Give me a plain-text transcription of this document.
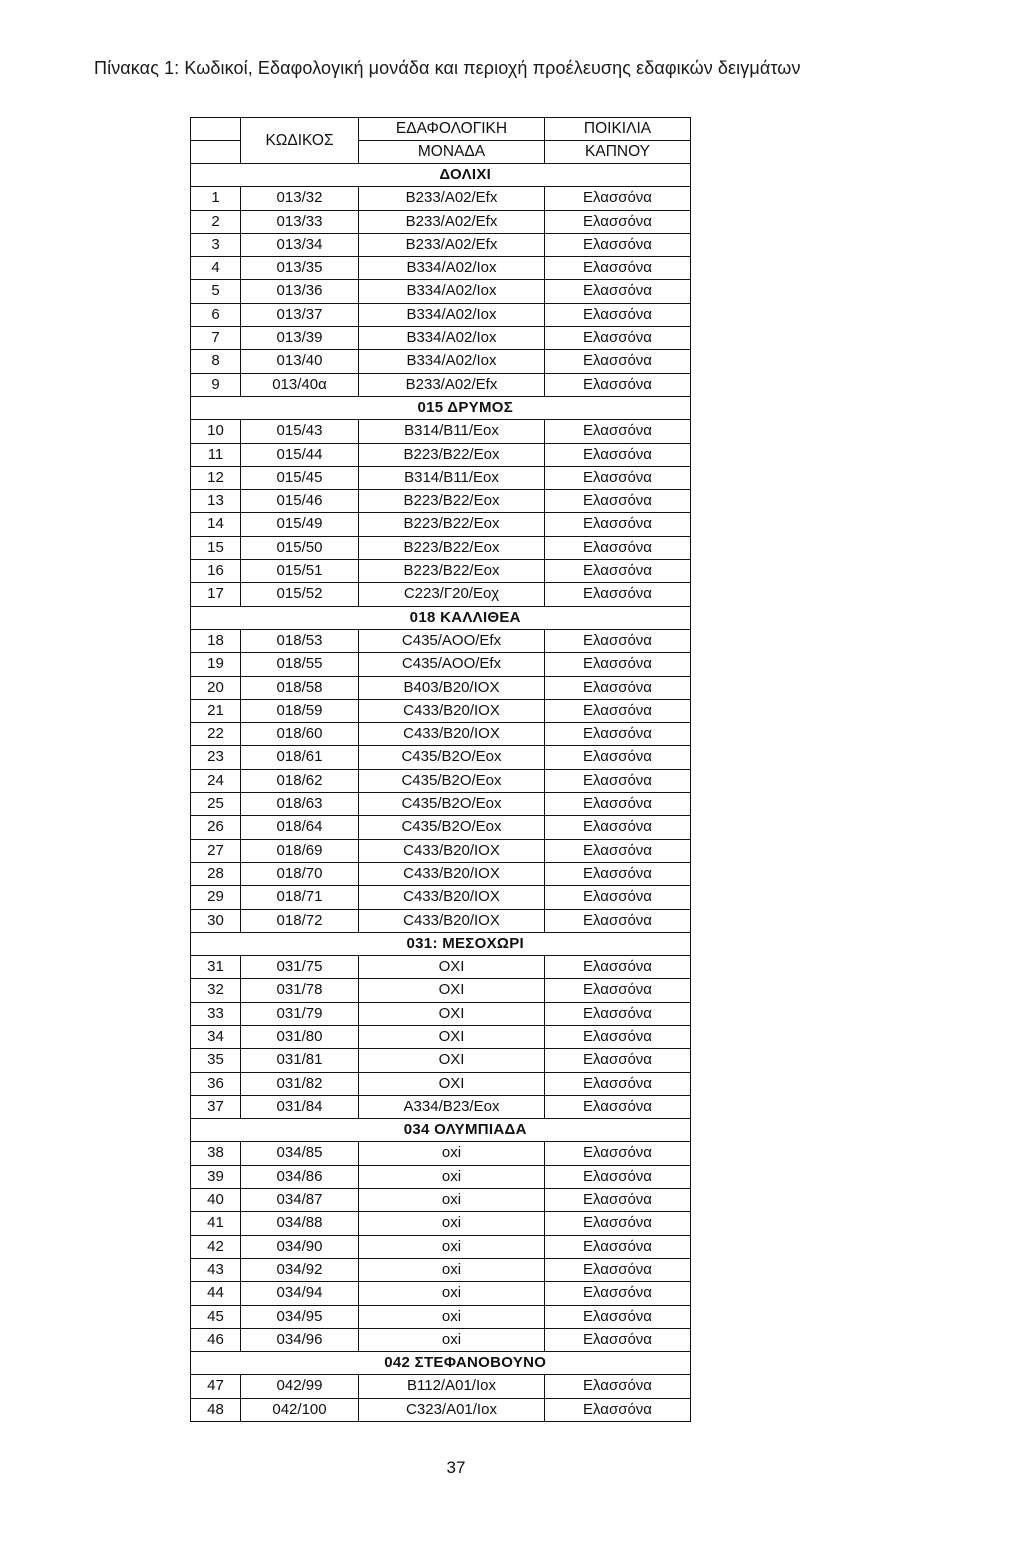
Πίνακας 1: Κωδικοί, Εδαφολογική μονάδα και περιοχή προέλευσης εδαφικών δειγμάτων
	ΚΩΔΙΚΟΣ	ΕΔΑΦΟΛΟΓΙΚΗ	ΠΟΙΚΙΛΙΑ
		ΜΟΝΑΔΑ	ΚΑΠΝΟΥ
	ΔΟΛΙΧΙ		
1	013/32	B233/A02/Efx	Ελασσόνα
2	013/33	B233/A02/Efx	Ελασσόνα
3	013/34	B233/A02/Efx	Ελασσόνα
4	013/35	B334/A02/Iox	Ελασσόνα
5	013/36	B334/A02/Iox	Ελασσόνα
6	013/37	B334/A02/Iox	Ελασσόνα
7	013/39	B334/A02/Iox	Ελασσόνα
8	013/40	B334/A02/Iox	Ελασσόνα
9	013/40α	B233/A02/Efx	Ελασσόνα
	015 ΔΡΥΜΟΣ		
10	015/43	B314/B11/Eox	Ελασσόνα
11	015/44	B223/B22/Eox	Ελασσόνα
12	015/45	B314/B11/Eox	Ελασσόνα
13	015/46	B223/B22/Eox	Ελασσόνα
14	015/49	B223/B22/Eox	Ελασσόνα
15	015/50	B223/B22/Eox	Ελασσόνα
16	015/51	B223/B22/Eox	Ελασσόνα
17	015/52	C223/Γ20/Eoχ	Ελασσόνα
	018 ΚΑΛΛΙΘΕΑ		
18	018/53	C435/AOO/Efx	Ελασσόνα
19	018/55	C435/AOO/Efx	Ελασσόνα
20	018/58	B403/B20/IOX	Ελασσόνα
21	018/59	C433/B20/IOX	Ελασσόνα
22	018/60	C433/B20/IOX	Ελασσόνα
23	018/61	C435/B2O/Eox	Ελασσόνα
24	018/62	C435/B2O/Eox	Ελασσόνα
25	018/63	C435/B2O/Eox	Ελασσόνα
26	018/64	C435/B2O/Eox	Ελασσόνα
27	018/69	C433/B20/IOX	Ελασσόνα
28	018/70	C433/B20/IOX	Ελασσόνα
29	018/71	C433/B20/IOX	Ελασσόνα
30	018/72	C433/B20/IOX	Ελασσόνα
	031: ΜΕΣΟΧΩΡΙ		
31	031/75	OXI	Ελασσόνα
32	031/78	OXI	Ελασσόνα
33	031/79	OXI	Ελασσόνα
34	031/80	OXI	Ελασσόνα
35	031/81	OXI	Ελασσόνα
36	031/82	OXI	Ελασσόνα
37	031/84	A334/B23/Eox	Ελασσόνα
	034 ΟΛΥΜΠΙΑΔΑ		
38	034/85	oxi	Ελασσόνα
39	034/86	oxi	Ελασσόνα
40	034/87	oxi	Ελασσόνα
41	034/88	oxi	Ελασσόνα
42	034/90	oxi	Ελασσόνα
43	034/92	oxi	Ελασσόνα
44	034/94	oxi	Ελασσόνα
45	034/95	oxi	Ελασσόνα
46	034/96	oxi	Ελασσόνα
	042 ΣΤΕΦΑΝΟΒΟΥΝΟ		
47	042/99	B112/A01/Iox	Ελασσόνα
48	042/100	C323/A01/Iox	Ελασσόνα
37
